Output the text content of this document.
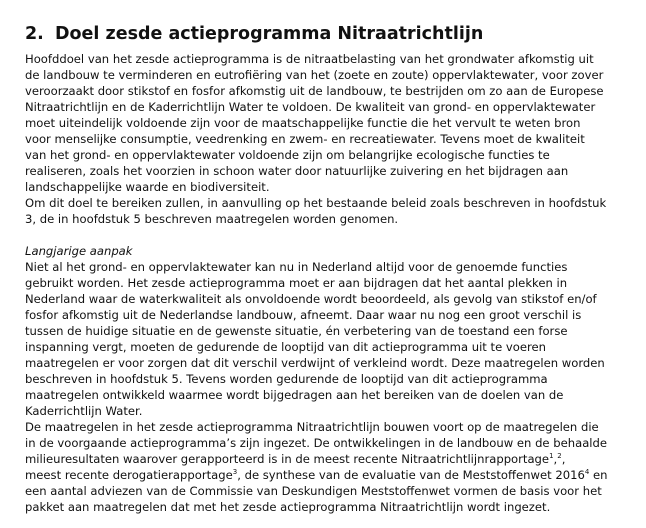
2. Doel zesde actieprogramma Nitraatrichtlijn
Hoofddoel van het zesde actieprogramma is de nitraatbelasting van het grondwater afkomstig uit
de landbouw te verminderen en eutrofiëring van het (zoete en zoute) oppervlaktewater, voor zover
veroorzaakt door stikstof en fosfor afkomstig uit de landbouw, te bestrijden om zo aan de Europese
Nitraatrichtlijn en de Kaderrichtlijn Water te voldoen. De kwaliteit van grond- en oppervlaktewater
moet uiteindelijk voldoende zijn voor de maatschappelijke functie die het vervult te weten bron
voor menselijke consumptie, veedrenking en zwem- en recreatiewater. Tevens moet de kwaliteit
van het grond- en oppervlaktewater voldoende zijn om belangrijke ecologische functies te
realiseren, zoals het voorzien in schoon water door natuurlijke zuivering en het bijdragen aan
landschappelijke waarde en biodiversiteit.
Om dit doel te bereiken zullen, in aanvulling op het bestaande beleid zoals beschreven in hoofdstuk
3, de in hoofdstuk 5 beschreven maatregelen worden genomen.
Langjarige aanpak
Niet al het grond- en oppervlaktewater kan nu in Nederland altijd voor de genoemde functies
gebruikt worden. Het zesde actieprogramma moet er aan bijdragen dat het aantal plekken in
Nederland waar de waterkwaliteit als onvoldoende wordt beoordeeld, als gevolg van stikstof en/of
fosfor afkomstig uit de Nederlandse landbouw, afneemt. Daar waar nu nog een groot verschil is
tussen de huidige situatie en de gewenste situatie, én verbetering van de toestand een forse
inspanning vergt, moeten de gedurende de looptijd van dit actieprogramma uit te voeren
maatregelen er voor zorgen dat dit verschil verdwijnt of verkleind wordt. Deze maatregelen worden
beschreven in hoofdstuk 5. Tevens worden gedurende de looptijd van dit actieprogramma
maatregelen ontwikkeld waarmee wordt bijgedragen aan het bereiken van de doelen van de
Kaderrichtlijn Water.
De maatregelen in het zesde actieprogramma Nitraatrichtlijn bouwen voort op de maatregelen die
in de voorgaande actieprogramma’s zijn ingezet. De ontwikkelingen in de landbouw en de behaalde
milieuresultaten waarover gerapporteerd is in de meest recente Nitraatrichtlijnrapportage$^1$,$^2$,
meest recente derogatierapportage$^3$, de synthese van de evaluatie van de Meststoffenwet 2016$^4$ en
een aantal adviezen van de Commissie van Deskundigen Meststoffenwet vormen de basis voor het
pakket aan maatregelen dat met het zesde actieprogramma Nitraatrichtlijn wordt ingezet.
